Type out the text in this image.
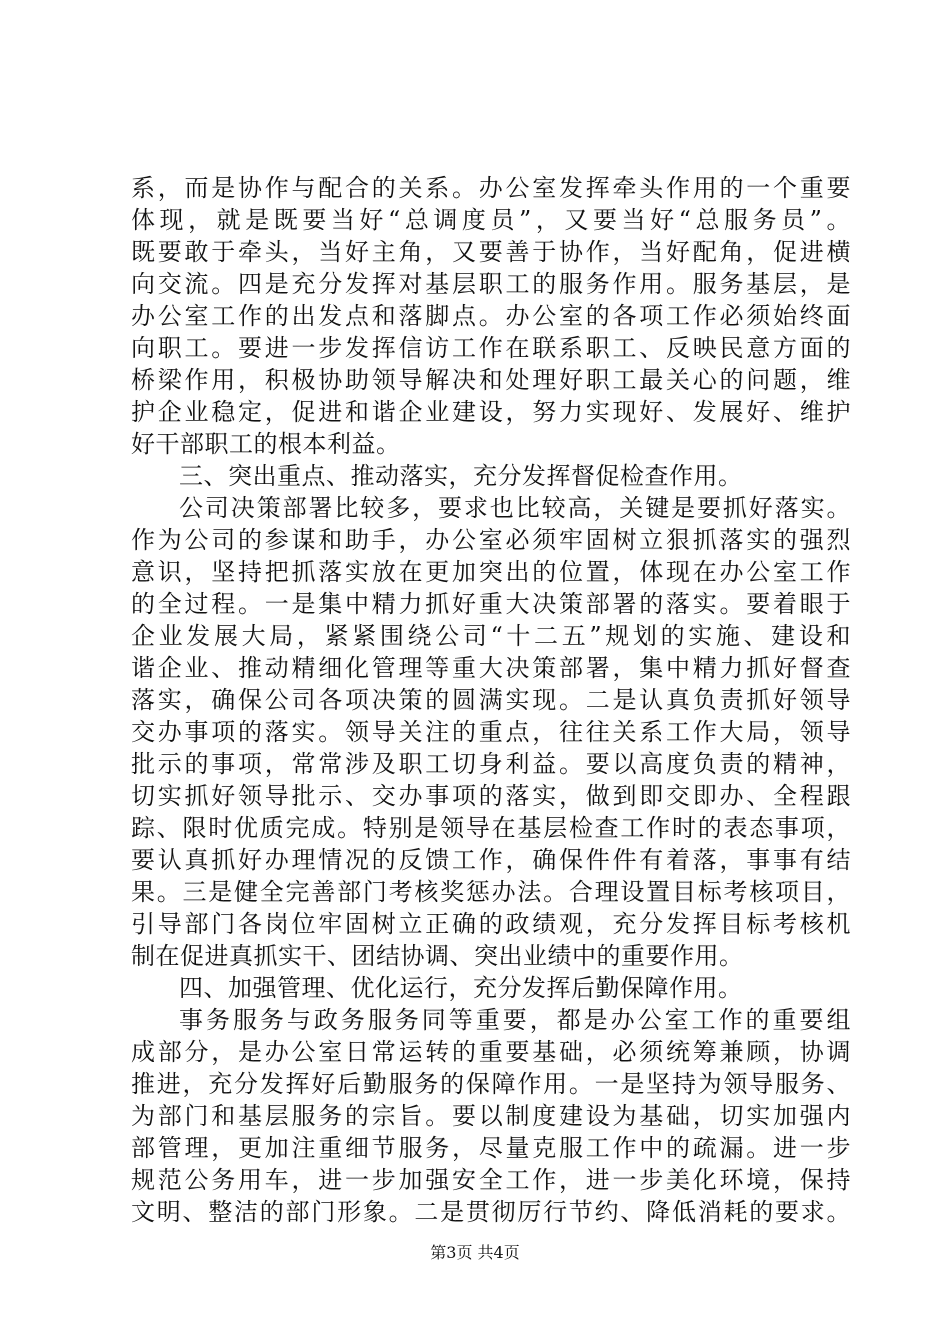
系，而是协作与配合的关系。办公室发挥牵头作用的一个重要
体现，就是既要当好“总调度员”，又要当好“总服务员”。
既要敢于牵头，当好主角，又要善于协作，当好配角，促进横
向交流。四是充分发挥对基层职工的服务作用。服务基层，是
办公室工作的出发点和落脚点。办公室的各项工作必须始终面
向职工。要进一步发挥信访工作在联系职工、反映民意方面的
桥梁作用，积极协助领导解决和处理好职工最关心的问题，维
护企业稳定，促进和谐企业建设，努力实现好、发展好、维护
好干部职工的根本利益。
三、突出重点、推动落实，充分发挥督促检查作用。
公司决策部署比较多，要求也比较高，关键是要抓好落实。
作为公司的参谋和助手，办公室必须牢固树立狠抓落实的强烈
意识，坚持把抓落实放在更加突出的位置，体现在办公室工作
的全过程。一是集中精力抓好重大决策部署的落实。要着眼于
企业发展大局，紧紧围绕公司“十二五”规划的实施、建设和
谐企业、推动精细化管理等重大决策部署，集中精力抓好督查
落实，确保公司各项决策的圆满实现。二是认真负责抓好领导
交办事项的落实。领导关注的重点，往往关系工作大局，领导
批示的事项，常常涉及职工切身利益。要以高度负责的精神，
切实抓好领导批示、交办事项的落实，做到即交即办、全程跟
踪、限时优质完成。特别是领导在基层检查工作时的表态事项，
要认真抓好办理情况的反馈工作，确保件件有着落，事事有结
果。三是健全完善部门考核奖惩办法。合理设置目标考核项目，
引导部门各岗位牢固树立正确的政绩观，充分发挥目标考核机
制在促进真抓实干、团结协调、突出业绩中的重要作用。
四、加强管理、优化运行，充分发挥后勤保障作用。
事务服务与政务服务同等重要，都是办公室工作的重要组
成部分，是办公室日常运转的重要基础，必须统筹兼顾，协调
推进，充分发挥好后勤服务的保障作用。一是坚持为领导服务、
为部门和基层服务的宗旨。要以制度建设为基础，切实加强内
部管理，更加注重细节服务，尽量克服工作中的疏漏。进一步
规范公务用车，进一步加强安全工作，进一步美化环境，保持
文明、整洁的部门形象。二是贯彻厉行节约、降低消耗的要求。
第3页 共4页
